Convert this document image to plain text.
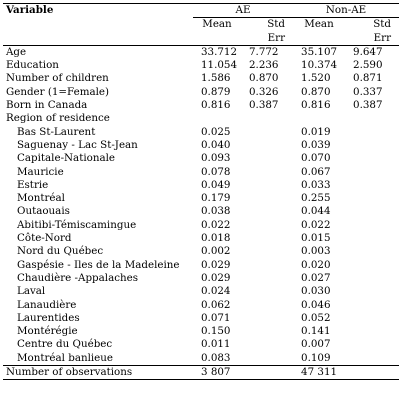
Variable	AE		Non-AE	
	Mean	Std	Mean	Std
		Err		Err
Age	33.712	7.772	35.107	9.647
Education	11.054	2.236	10.374	2.590
Number of children	1.586	0.870	1.520	0.871
Gender (1=Female)	0.879	0.326	0.870	0.337
Born in Canada	0.816	0.387	0.816	0.387
Region of residence				
Bas St-Laurent	0.025		0.019	
Saguenay - Lac St-Jean	0.040		0.039	
Capitale-Nationale	0.093		0.070	
Mauricie	0.078		0.067	
Estrie	0.049		0.033	
Montréal	0.179		0.255	
Outaouais	0.038		0.044	
Abitibi-Témiscamingue	0.022		0.022	
Côte-Nord	0.018		0.015	
Nord du Québec	0.002		0.003	
Gaspésie - Iles de la Madeleine	0.029		0.020	
Chaudière -Appalaches	0.029		0.027	
Laval	0.024		0.030	
Lanaudière	0.062		0.046	
Laurentides	0.071		0.052	
Montérégie	0.150		0.141	
Centre du Québec	0.011		0.007	
Montréal banlieue	0.083		0.109	
Number of observations	3 807		47 311	
